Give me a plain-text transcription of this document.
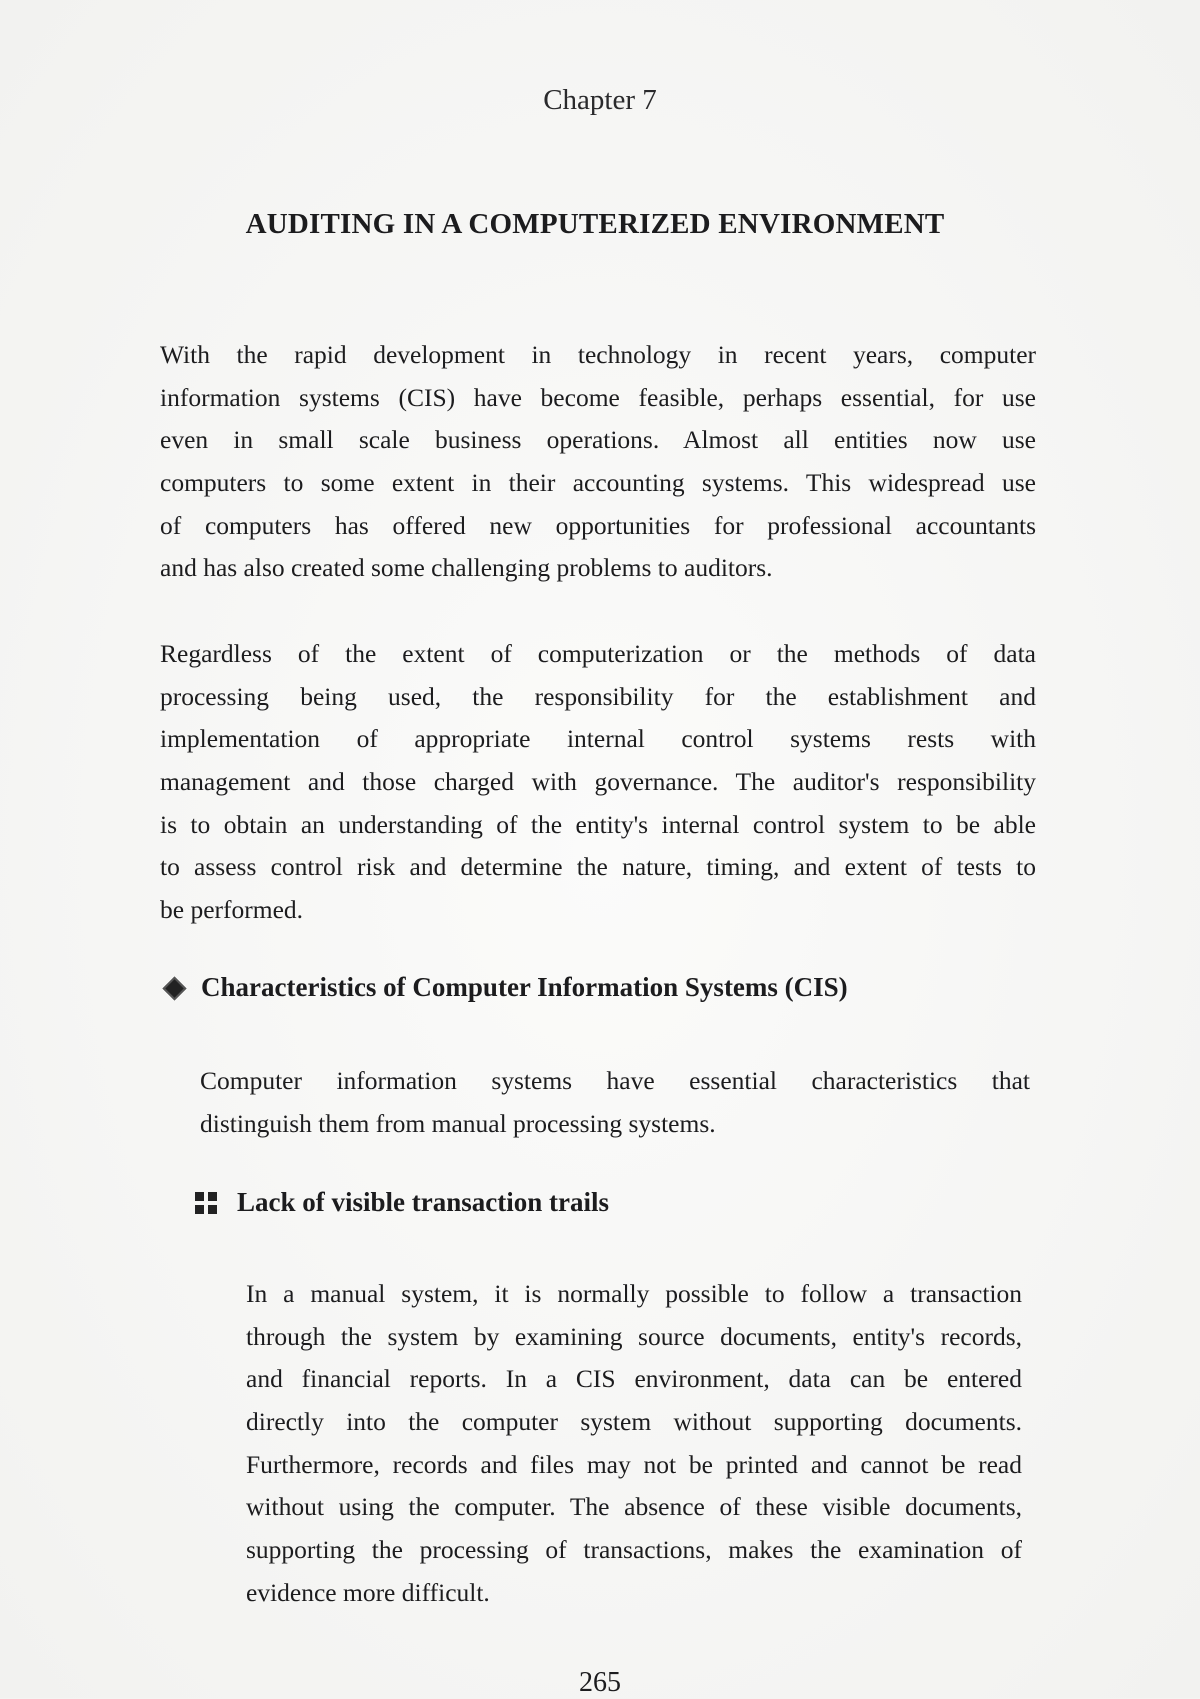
Chapter 7
AUDITING IN A COMPUTERIZED ENVIRONMENT
With the rapid development in technology in recent years, computer
information systems (CIS) have become feasible, perhaps essential, for use
even in small scale business operations. Almost all entities now use
computers to some extent in their accounting systems. This widespread use
of computers has offered new opportunities for professional accountants
and has also created some challenging problems to auditors.
Regardless of the extent of computerization or the methods of data
processing being used, the responsibility for the establishment and
implementation of appropriate internal control systems rests with
management and those charged with governance. The auditor's responsibility
is to obtain an understanding of the entity's internal control system to be able
to assess control risk and determine the nature, timing, and extent of tests to
be performed.
Characteristics of Computer Information Systems (CIS)
Computer information systems have essential characteristics that
distinguish them from manual processing systems.
Lack of visible transaction trails
In a manual system, it is normally possible to follow a transaction
through the system by examining source documents, entity's records,
and financial reports. In a CIS environment, data can be entered
directly into the computer system without supporting documents.
Furthermore, records and files may not be printed and cannot be read
without using the computer. The absence of these visible documents,
supporting the processing of transactions, makes the examination of
evidence more difficult.
265
